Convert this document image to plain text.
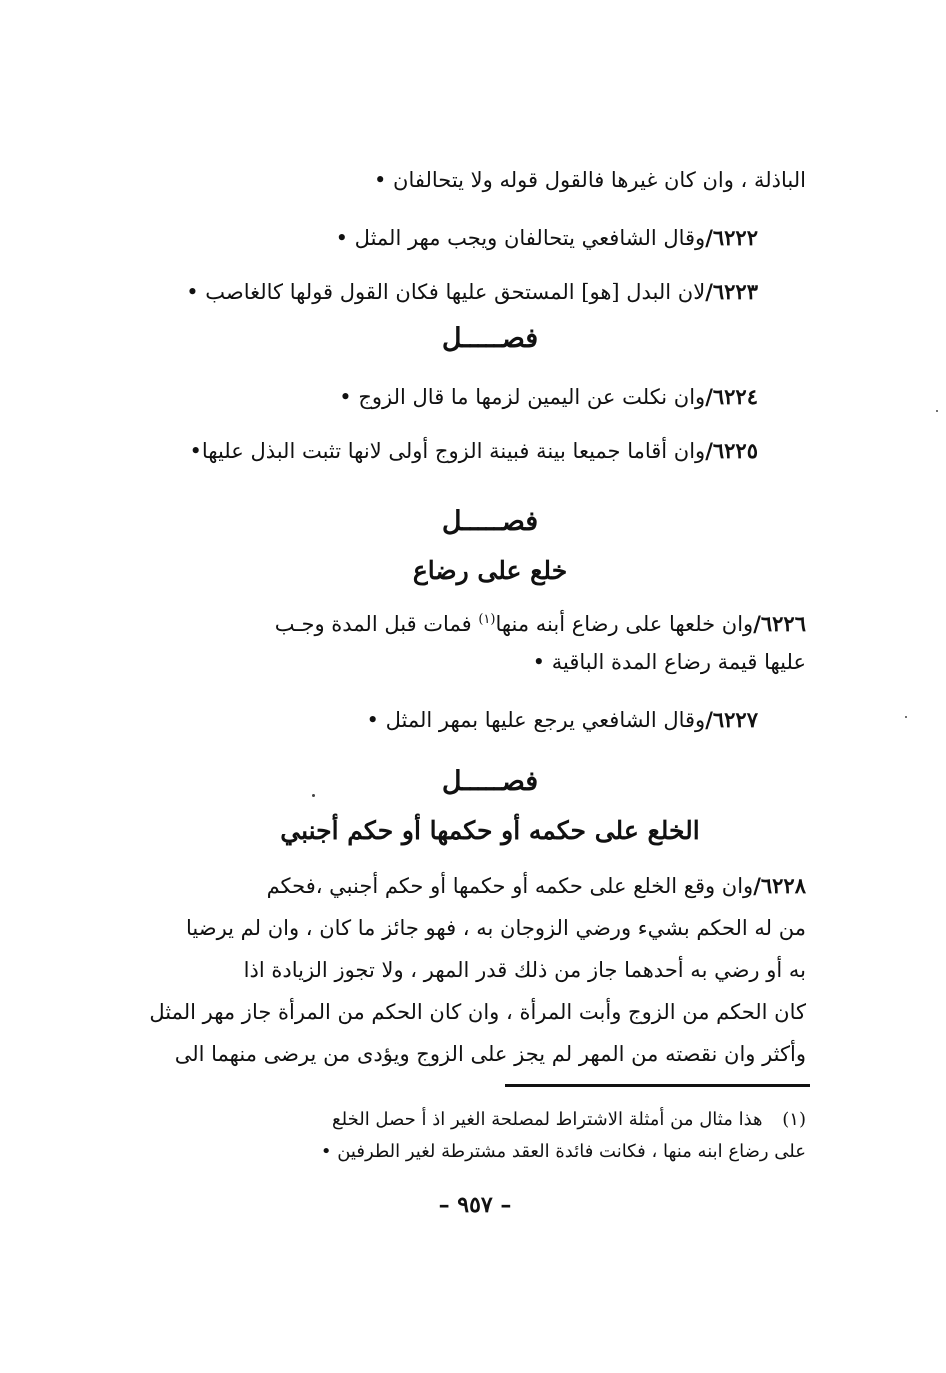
الباذلة ، وان كان غيرها فالقول قوله ولا يتحالفان •
٦٢٢٢/وقال الشافعي يتحالفان ويجب مهر المثل •
٦٢٢٣/لان البدل [هو] المستحق عليها فكان القول قولها كالغاصب •
فصـــــل
٦٢٢٤/وان نكلت عن اليمين لزمها ما قال الزوج •
٦٢٢٥/وان أقاما جميعا بينة فبينة الزوج أولى لانها تثبت البذل عليها•
فصـــــل
خلع على رضاع
٦٢٢٦/وان خلعها على رضاع أبنه منها$^{(١)}$ فمات قبل المدة وجـب
عليها قيمة رضاع المدة الباقية •
٦٢٢٧/وقال الشافعي يرجع عليها بمهر المثل •
فصـــــل
الخلع على حكمه أو حكمها أو حكم أجنبي
٦٢٢٨/وان وقع الخلع على حكمه أو حكمها أو حكم أجنبي ،فحكم
من له الحكم بشيء ورضي الزوجان به ، فهو جائز ما كان ، وان لم يرضيا
به أو رضي به أحدهما جاز من ذلك قدر المهر ، ولا تجوز الزيادة اذا
كان الحكم من الزوج وأبت المرأة ، وان كان الحكم من المرأة جاز مهر المثل
وأكثر وان نقصته من المهر لم يجز على الزوج ويؤدى من يرضى منهما الى
(١) هذا مثال من أمثلة الاشتراط لمصلحة الغير اذ أ حصل الخلع
على رضاع ابنه منها ، فكانت فائدة العقد مشترطة لغير الطرفين •
– ٩٥٧ –
